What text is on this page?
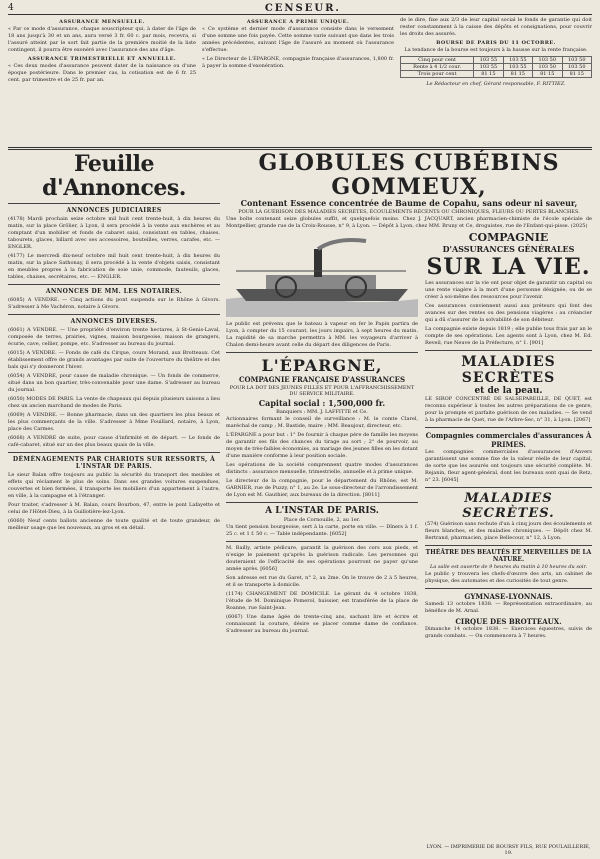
4	CENSEUR.
ASSURANCE MENSUELLE.
« Par ce mode d'assurance, chaque souscripteur qui, à dater de l'âge de 18 ans jusqu'à 30 et un ans, aura versé 3 fr. 60 c. par mois, recevra, si l'assuré atteint par le sort fait partie de la première moitié de la liste contingent, il pourra être exonéré avec l'assurance des ans d'âge.
ASSURANCE TRIMESTRIELLE ET ANNUELLE.
« Ces deux modes d'assurance peuvent dater de la naissance ou d'une époque postérieure. Dans le premier cas, la cotisation est de 6 fr. 25 cent. par trimestre et de 25 fr. par an.
ASSURANCE A PRIME UNIQUE.
« Ce système et dernier mode d'assurance consiste dans le versement d'une somme une fois payée. Cette somme varie suivant que dans les trois années précédentes, suivant l'âge de l'assuré au moment où l'assurance s'effectue.
« Le Directeur de L'ÉPARGNE, compagnie française d'assurances, 1,800 fr. à payer la somme d'exonération.
de le dire, fixe aux 2/3 de leur capital social le fonds de garantie qui doit rester constamment à la caisse des dépôts et consignations, pour couvrir les droits des assurés.
BOURSE DE PARIS DU 11 OCTOBRE.
La tendance de la bourse est toujours à la hausse sur la rente française.
Cinq pour cent	103 55	103 55	103 50	103 50
Rente à 4 1/2 cour.	103 55	103 55	103 50	103 50
Trois pour cent	81 15	81 15	81 15	81 15
Le Rédacteur en chef, Gérant responsable, F. RITTIEZ.
Feuille d'Annonces.
ANNONCES JUDICIAIRES
(4178) Mardi prochain seize octobre mil huit cent trente-huit, à dix heures du matin, sur la place Grôlier, à Lyon, il sera procédé à la vente aux enchères et au comptant d'un mobilier et fonds de cabaret saisi, consistant en tables, chaises, tabourets, glaces, billard avec ses accessoires, bouteilles, verres, carafes, etc. — ENGLER.
(4177) Le mercredi dix-neuf octobre mil huit cent trente-huit, à dix heures du matin, sur la place Sathonay, il sera procédé à la vente d'objets saisis, consistant en meubles propres à la fabrication de soie unie, commode, fauteuils, glaces, tables, chaises, secrétaires, etc. — ENGLER.
ANNONCES DE MM. LES NOTAIRES.
(6085) A VENDRE. — Cinq actions du pont suspendu sur le Rhône à Givors. S'adresser à Me Vachéron, notaire à Givors.
ANNONCES DIVERSES.
(6061) A VENDRE. — Une propriété d'environ trente hectares, à St-Genis-Laval, composée de terres, prairies, vignes, maison bourgeoise, maison de grangers, écurie, cave, cellier, pompe, etc. S'adresser au bureau du journal.
(6015) A VENDRE. — Fonds de café du Cirque, cours Morand, aux Brotteaux. Cet établissement offre de grands avantages par suite de l'ouverture du théâtre et des bals qui s'y donneront l'hiver.
(6054) A VENDRE, pour cause de maladie chronique. — Un fonds de commerce, situé dans un bon quartier, très-convenable pour une dame. S'adresser au bureau du journal.
(6050) MODES DE PARIS. La vente de chapeaux qui depuis plusieurs saisons a lieu chez un ancien marchand de modes de Paris.
(6069) A VENDRE. — Bonne pharmacie, dans un des quartiers les plus beaux et les plus commerçants de la ville. S'adresser à Mme Fouillard, notaire, à Lyon, place des Carmes.
(6068) A VENDRE de suite, pour cause d'infirmité et de départ. — Le fonds de café-cabaret, situé sur un des plus beaux quais de la ville.
DÉMÉNAGEMENTS PAR CHARIOTS SUR RESSORTS, À L'INSTAR DE PARIS.
Le sieur Balan offre toujours au public la sécurité du transport des meubles et effets qui réclament le plus de soins. Dans ses grandes voitures suspendues, couvertes et bien fermées, il transporte les mobiliers d'un appartement à l'autre, en ville, à la campagne et à l'étranger.
Pour traiter, s'adresser à M. Balan, cours Bourbon, 47, entre le pont Lafayette et celui de l'Hôtel-Dieu, à la Guillotière-lez-Lyon.
(6060) Neuf cents ballots ancienne de toute qualité et de toute grandeur, de meilleur usage que les nouveaux, au gros et en détail.
GLOBULES CUBÉBINS GOMMEUX,
Contenant Essence concentrée de Baume de Copahu, sans odeur ni saveur,
POUR LA GUÉRISON DES MALADIES SECRÈTES, ÉCOULEMENTS RÉCENTS OU CHRONIQUES, FLEURS OU PERTES BLANCHES.
Une boîte contenant seize globules suffit, et quelquefois moins. Chez J. JACQUART, ancien pharmacien-chimiste de l'école spéciale de Montpellier, grande rue de la Croix-Rousse, n° 9, à Lyon. — Dépôt à Lyon, chez MM. Bruny et Ce, droguistes, rue de l'Enfant-qui-pisse. (2025)
Le public est prévenu que le bateau à vapeur en fer le Papin partira de Lyon, à compter du 15 courant, les jours impairs, à sept heures du matin. La rapidité de sa marche permettra à MM. les voyageurs d'arriver à Chalon demi-heure avant celle du départ des diligences de Paris.
L'ÉPARGNE,
COMPAGNIE FRANÇAISE D'ASSURANCES
POUR LA DOT DES JEUNES FILLES ET POUR L'AFFRANCHISSEMENT DU SERVICE MILITAIRE.
Capital social : 1,500,000 fr.
Banquiers : MM. J. LAFFITTE et Ce.
Actionnaires formant le conseil de surveillance : M. le comte Clarel, maréchal de camp ; M. Bastide, maire ; MM. Beaujour, directeur, etc.
L'ÉPARGNE a pour but : 1° De fournir à chaque père de famille les moyens de garantir ses fils des chances du tirage au sort ; 2° de pourvoir, au moyen de très-faibles économies, au mariage des jeunes filles en les dotant d'une manière conforme à leur position sociale.
Les opérations de la société comprennent quatre modes d'assurances distincts : assurance mensuelle, trimestrielle, annuelle et à prime unique.
Le directeur de la compagnie, pour le département du Rhône, est M. GARNIER, rue de Puzzy, n° 1, au 2e. Le sous-directeur de l'arrondissement de Lyon est M. Gauthier, aux bureaux de la direction. [8011]
A L'INSTAR DE PARIS.
Place de Cornouille, 2, au 1er.
Un tient pension bourgeoise, sert à la carte, porte en ville. — Dîners à 1 f. 25 c. et 1 f. 50 c. — Table indépendante. [6052]
M. Bailly, artiste pédicure, garantit la guérison des cors aux pieds, et n'exige le paiement qu'après la guérison radicale. Les personnes qui douteraient de l'efficacité de ses opérations pourront ne payer qu'une année après. [6056]
Son adresse est rue du Garet, n° 2, au 2me. On le trouve de 2 à 5 heures, et il se transporte à domicile.
(1174) CHANGEMENT DE DOMICILE. Le gérant du 4 octobre 1838, l'étude de M. Dominique Pomerol, huissier, est transférée de la place de Roanne, rue Saint-Jean.
(6067) Une dame âgée de trente-cinq ans, sachant lire et écrire et connaissant la couture, désire se placer comme dame de confiance. S'adresser au bureau du journal.
COMPAGNIE
D'ASSURANCES GÉNÉRALES
SUR LA VIE.
Les assurances sur la vie ont pour objet de garantir un capital ou une rente viagère à la mort d'une personne désignée, ou de se créer à soi-même des ressources pour l'avenir.
Ces assurances conviennent aussi aux préteurs qui font des avances sur des rentes ou des pensions viagères : au créancier qui a dû s'assurer de la solvabilité de son débiteur.
La compagnie existe depuis 1819 ; elle publie tous frais par an le compte de ses opérations. Les agents sont à Lyon, chez M. Ed. Reveil, rue Neuve de la Préfecture, n° 1. [901]
MALADIES SECRÈTES
et de la peau.
LE SIROP CONCENTRÉ DE SALSEPAREILLE, DE QUET, est reconnu supérieur à toutes les autres préparations de ce genre, pour la prompte et parfaite guérison de ces maladies. — Se vend à la pharmacie de Quet, rue de l'Arbre-Sec, n° 31, à Lyon. [2067]
Compagnies commerciales d'assurances À PRIMES.
Les compagnies commerciales d'assurances d'Anvers garantissent une somme fixe de la valeur réelle de leur capital, de sorte que les assurés ont toujours une sécurité complète. M. Rejanin, fleur agent-général, dont les bureaux sont quai de Retz, n° 23. [6045]
MALADIES SECRÈTES.
(574) Guérison sans rechute d'un à cinq jours des écoulements et fleurs blanches, et des maladies chroniques. — Dépôt chez M. Bertrand, pharmacien, place Bellecour, n° 12, à Lyon.
THÉÂTRE DES BEAUTÉS ET MERVEILLES DE LA NATURE.
La salle est ouverte de 9 heures du matin à 10 heures du soir.
Le public y trouvera les chefs-d'œuvre des arts, un cabinet de physique, des automates et des curiosités de tout genre.
GYMNASE-LYONNAIS.
Samedi 13 octobre 1838. — Représentation extraordinaire, au bénéfice de M. Arnal.
CIRQUE DES BROTTEAUX.
Dimanche 14 octobre 1838. — Exercices équestres, suivis de grands combats. — On commencera à 7 heures.
LYON. — IMPRIMERIE DE BOURSY FILS, RUE POULAILLERIE, 19.
